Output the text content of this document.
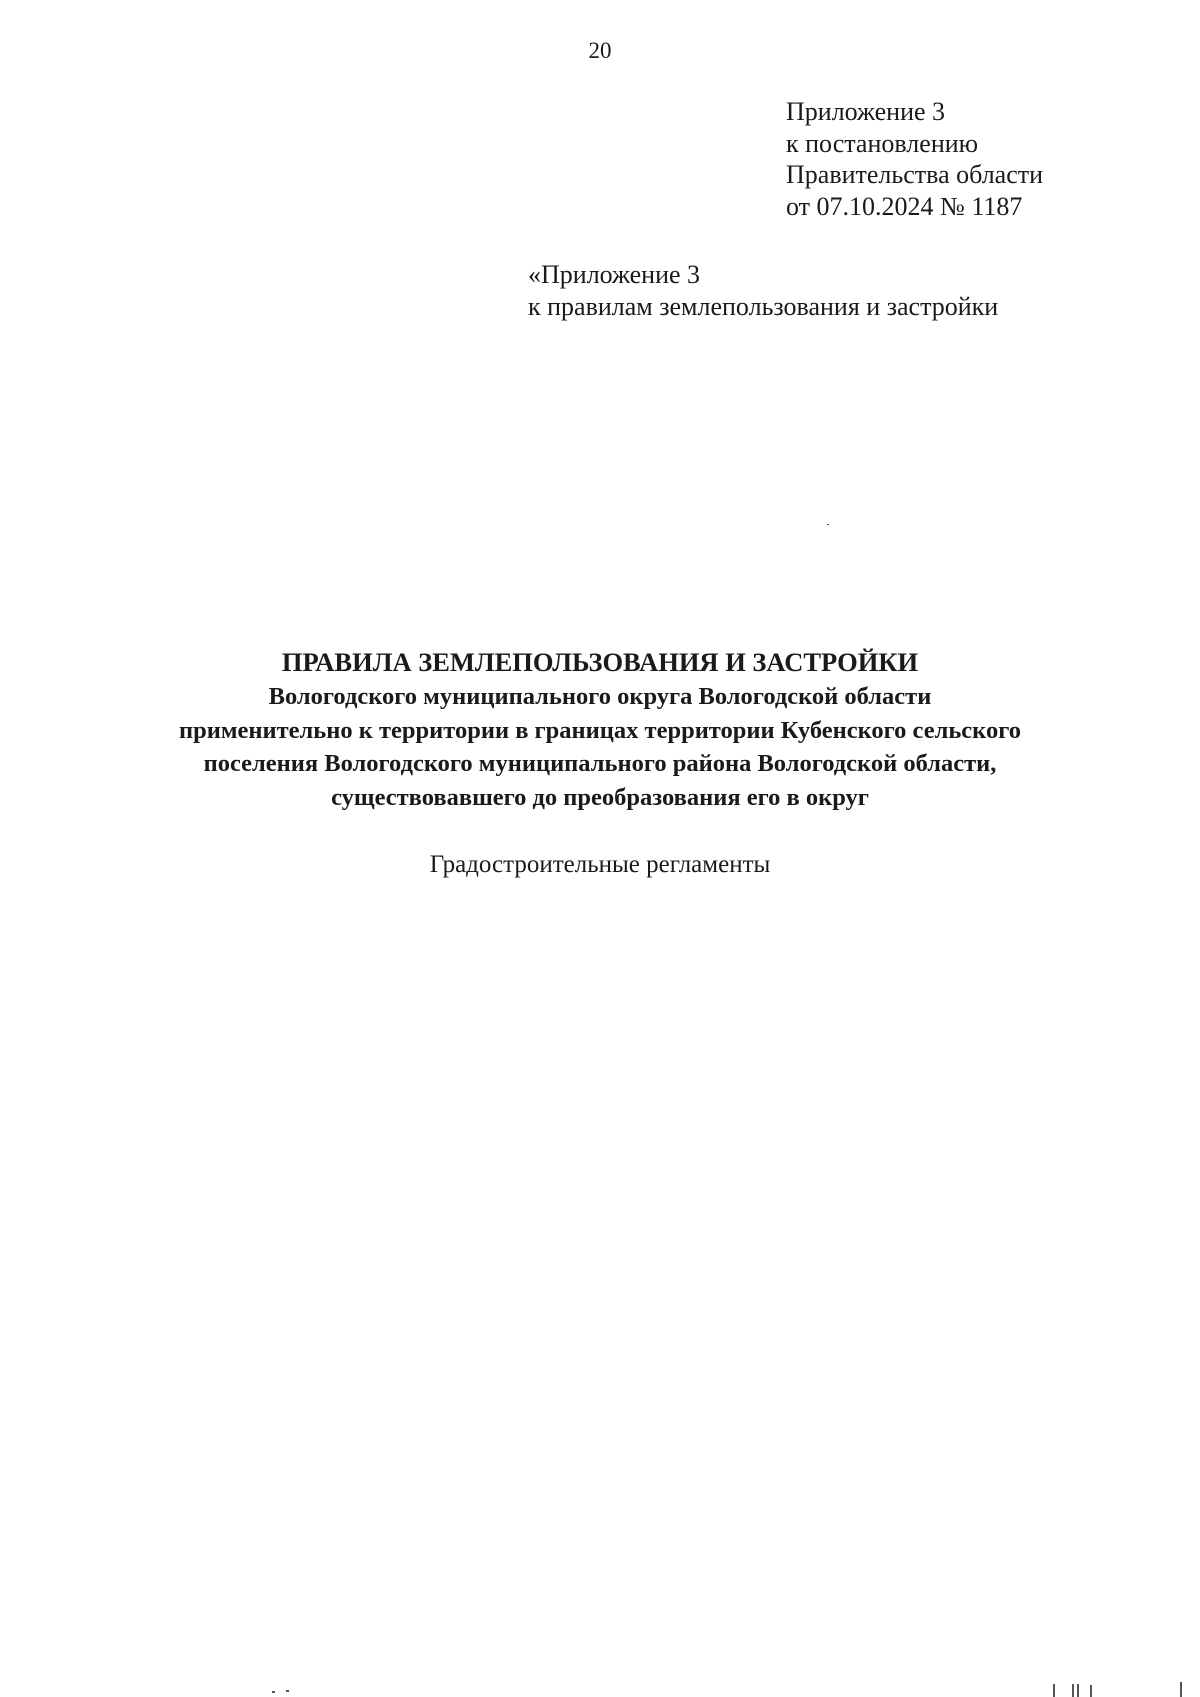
20
Приложение 3
к постановлению
Правительства области
от 07.10.2024 № 1187
«Приложение 3
к правилам землепользования и застройки
ПРАВИЛА ЗЕМЛЕПОЛЬЗОВАНИЯ И ЗАСТРОЙКИ
Вологодского муниципального округа Вологодской области
применительно к территории в границах территории Кубенского сельского
поселения Вологодского муниципального района Вологодской области,
существовавшего до преобразования его в округ
Градостроительные регламенты
